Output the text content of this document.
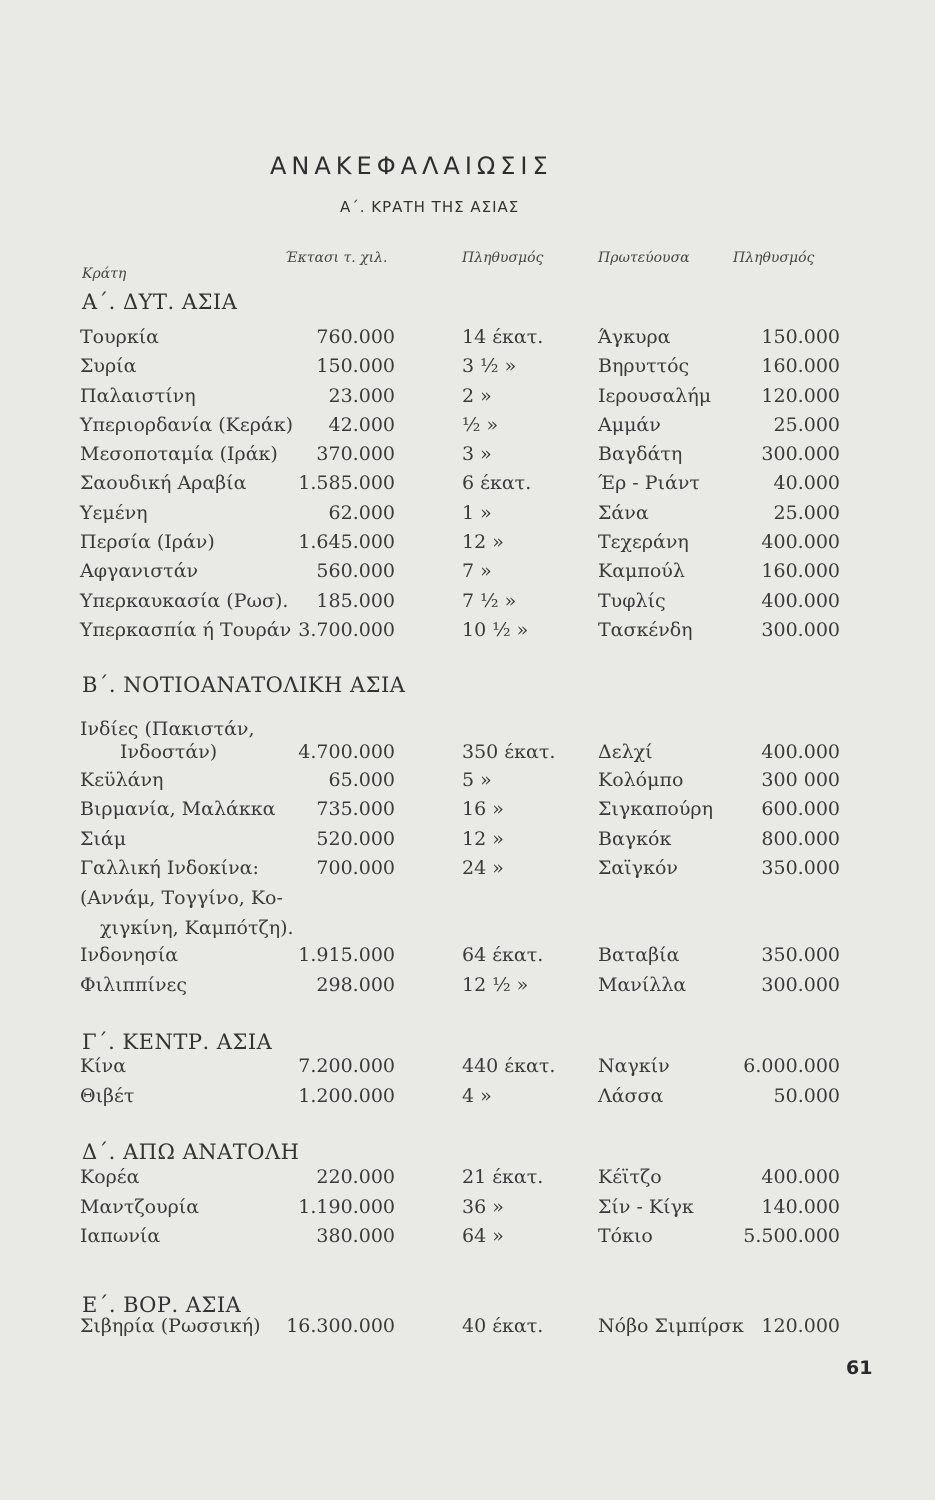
ΑΝΑΚΕΦΑΛΑΙΩΣΙΣ
Α΄. ΚΡΑΤΗ ΤΗΣ ΑΣΙΑΣ
Κράτη
Έκτασι τ. χιλ.	Πληθυσμός	Πρωτεύουσα	Πληθυσμός
Α΄. ΔΥΤ. ΑΣΙΑ
Β΄. ΝΟΤΙΟΑΝΑΤΟΛΙΚΗ ΑΣΙΑ
Γ΄. ΚΕΝΤΡ. ΑΣΙΑ
Δ΄. ΑΠΩ ΑΝΑΤΟΛΗ
Ε΄. ΒΟΡ. ΑΣΙΑ
Τουρκία	760.000	14 έκατ.	Άγκυρα	150.000
Συρία	150.000	3 ½ »	Βηρυττός	160.000
Παλαιστίνη	23.000	2 »	Ιερουσαλήμ	120.000
Υπεριορδανία (Κεράκ) 42.000	½ »	Αμμάν	25.000
Μεσοποταμία (Ιράκ) 370.000	3 »	Βαγδάτη	300.000
Σαουδική Αραβία	1.585.000	6 έκατ.	Έρ - Ριάντ	40.000
Υεμένη	62.000	1 »	Σάνα	25.000
Περσία (Ιράν)	1.645.000	12 »	Τεχεράνη	400.000
Αφγανιστάν	560.000	7 »	Καμπούλ	160.000
Υπερκαυκασία (Ρωσ). 185.000	7 ½ »	Τυφλίς	400.000
Υπερκασπία ή Τουράν 3.700.000	10 ½ »	Τασκένδη	300.000
Ινδίες (Πακιστάν,
Ινδοστάν)	4.700.000	350 έκατ. Δελχί	400.000
Κεϋλάνη	65.000	5 »	Κολόμπο	300 000
Βιρμανία, Μαλάκκα 735.000	16 »	Σιγκαπούρη	600.000
Σιάμ	520.000	12 »	Βαγκόκ	800.000
Γαλλική Ινδοκίνα:	700.000	24 »	Σαϊγκόν	350.000
(Αννάμ, Τογγίνο, Κο-
χιγκίνη, Καμπότζη).
Ινδονησία	1.915.000	64 έκατ.	Βαταβία	350.000
Φιλιππίνες	298.000	12 ½ »	Μανίλλα	300.000
Κίνα	7.200.000	440 έκατ. Ναγκίν	6.000.000
Θιβέτ	1.200.000	4 »	Λάσσα	50.000
Κορέα	220.000	21 έκατ.	Κέϊτζο	400.000
Μαντζουρία	1.190.000	36 »	Σίν - Κίγκ	140.000
Ιαπωνία	380.000	64 »	Τόκιο	5.500.000
Σιβηρία (Ρωσσική) 16.300.000	40 έκατ.	Νόβο Σιμπίρσκ 120.000
61
